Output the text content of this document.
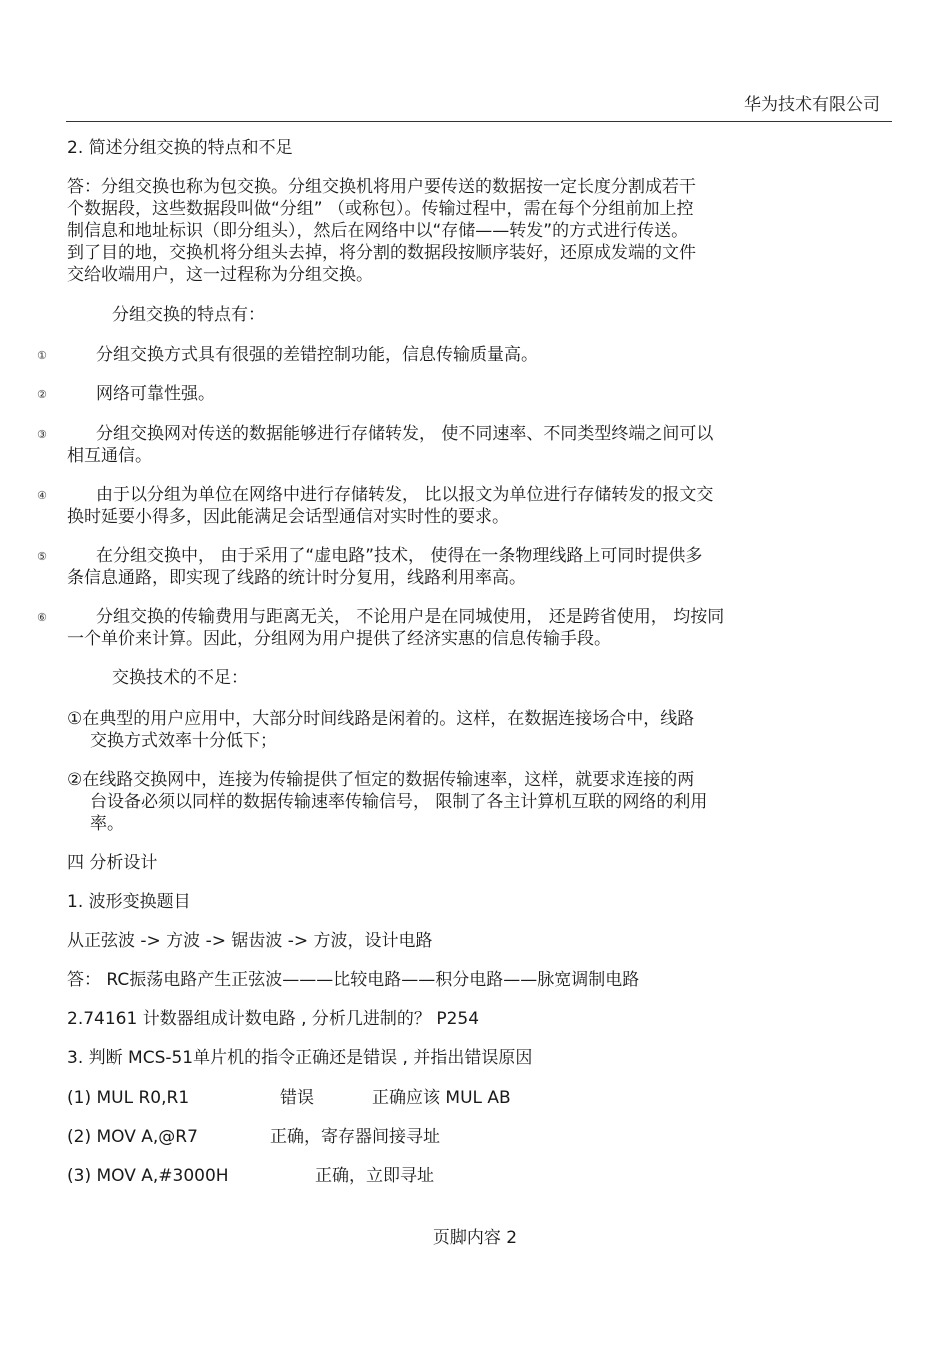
华为技术有限公司
2. 简述分组交换的特点和不足
答：分组交换也称为包交换。分组交换机将用户要传送的数据按一定长度分割成若干
个数据段，这些数据段叫做“分组” （或称包）。传输过程中，需在每个分组前加上控
制信息和地址标识（即分组头），然后在网络中以“存储——转发”的方式进行传送。
到了目的地，交换机将分组头去掉，将分割的数据段按顺序装好，还原成发端的文件
交给收端用户，这一过程称为分组交换。
分组交换的特点有：
①	分组交换方式具有很强的差错控制功能，信息传输质量高。
②	网络可靠性强。
③	分组交换网对传送的数据能够进行存储转发， 使不同速率、不同类型终端之间可以
相互通信。
④	由于以分组为单位在网络中进行存储转发， 比以报文为单位进行存储转发的报文交
换时延要小得多，因此能满足会话型通信对实时性的要求。
⑤	在分组交换中， 由于采用了“虚电路”技术， 使得在一条物理线路上可同时提供多
条信息通路，即实现了线路的统计时分复用，线路利用率高。
⑥	分组交换的传输费用与距离无关， 不论用户是在同城使用， 还是跨省使用， 均按同
一个单价来计算。因此，分组网为用户提供了经济实惠的信息传输手段。
交换技术的不足：
①在典型的用户应用中，大部分时间线路是闲着的。这样，在数据连接场合中，线路
交换方式效率十分低下；
②在线路交换网中，连接为传输提供了恒定的数据传输速率，这样，就要求连接的两
台设备必须以同样的数据传输速率传输信号， 限制了各主计算机互联的网络的利用
率。
四 分析设计
1. 波形变换题目
从正弦波 -> 方波 -> 锯齿波 -> 方波，设计电路
答： RC振荡电路产生正弦波———比较电路——积分电路——脉宽调制电路
2.74161 计数器组成计数电路 , 分析几进制的？ P254
3. 判断 MCS-51单片机的指令正确还是错误 , 并指出错误原因
(1) MUL R0,R1	错误	正确应该 MUL AB
(2) MOV A,@R7	正确，寄存器间接寻址
(3) MOV A,#3000H	正确，立即寻址
页脚内容 2
